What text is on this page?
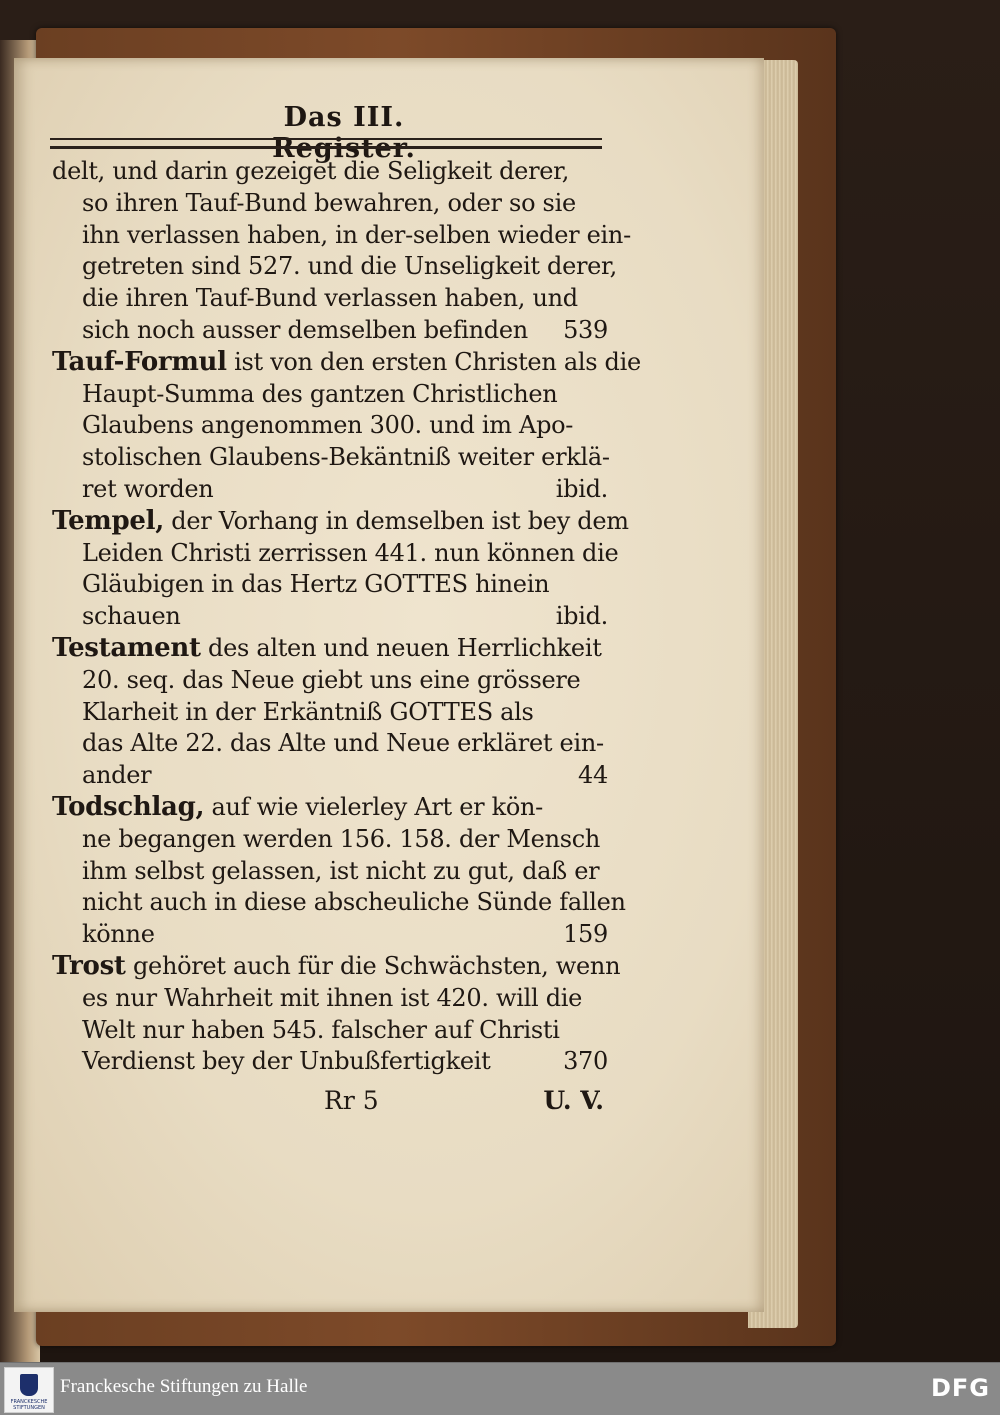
Das III. Register.
delt, und darin gezeiget die Seligkeit derer,
so ihren Tauf-Bund bewahren, oder so sie
ihn verlassen haben, in der-selben wieder ein-
getreten sind 527. und die Unseligkeit derer,
die ihren Tauf-Bund verlassen haben, und
sich noch ausser demselben befinden 539
Tauf-Formul ist von den ersten Christen als die
Haupt-Summa des gantzen Christlichen
Glaubens angenommen 300. und im Apo-
stolischen Glaubens-Bekäntniß weiter erklä-
ret worden	ibid.
Tempel, der Vorhang in demselben ist bey dem
Leiden Christi zerrissen 441. nun können die
Gläubigen in das Hertz GOTTES hinein
schauen	ibid.
Testament des alten und neuen Herrlichkeit
20. seq. das Neue giebt uns eine grössere
Klarheit in der Erkäntniß GOTTES als
das Alte 22. das Alte und Neue erkläret ein-
ander	44
Todschlag, auf wie vielerley Art er kön-
ne begangen werden 156. 158. der Mensch
ihm selbst gelassen, ist nicht zu gut, daß er
nicht auch in diese abscheuliche Sünde fallen
könne	159
Trost gehöret auch für die Schwächsten, wenn
es nur Wahrheit mit ihnen ist 420. will die
Welt nur haben 545. falscher auf Christi
Verdienst bey der Unbußfertigkeit	370
Rr 5	U. V.
FRANCKESCHE STIFTUNGEN
Franckesche Stiftungen zu Halle	DFG
